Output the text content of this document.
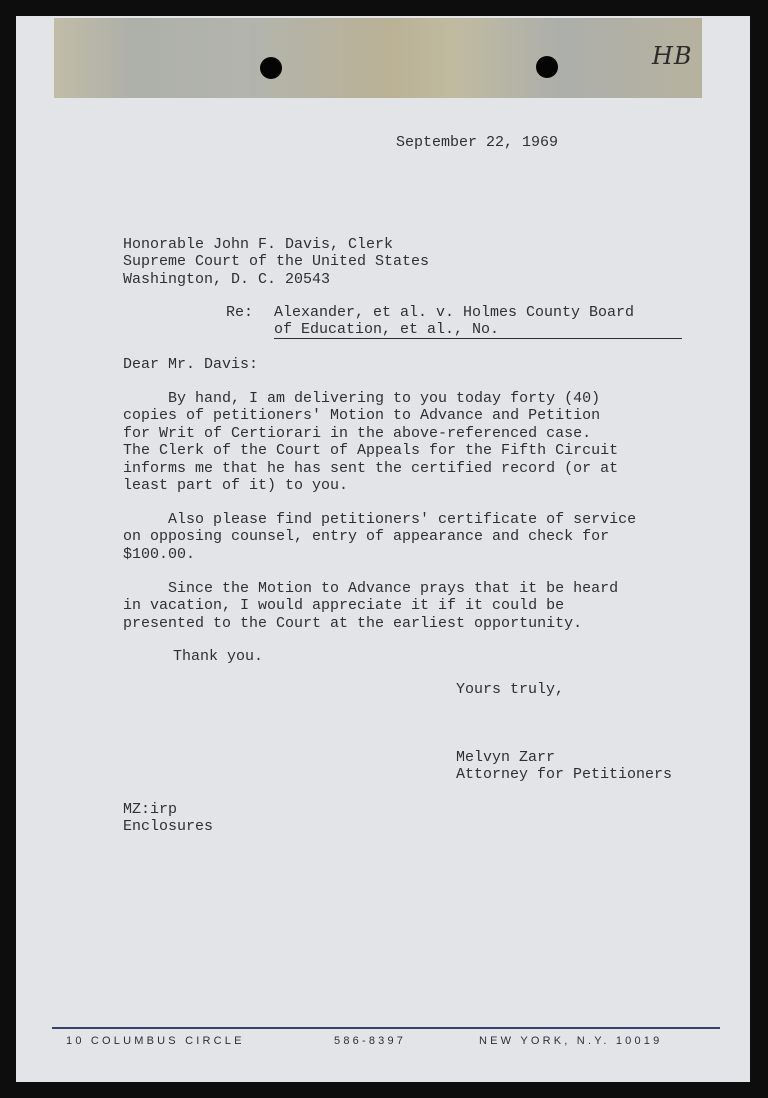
HB

September 22, 1969

Honorable John F. Davis, Clerk
Supreme Court of the United States
Washington, D. C. 20543

Re: Alexander, et al. v. Holmes County Board
of Education, et al., No.

Dear Mr. Davis:

By hand, I am delivering to you today forty (40)
copies of petitioners' Motion to Advance and Petition
for Writ of Certiorari in the above-referenced case.
The Clerk of the Court of Appeals for the Fifth Circuit
informs me that he has sent the certified record (or at
least part of it) to you.

Also please find petitioners' certificate of service
on opposing counsel, entry of appearance and check for
$100.00.

Since the Motion to Advance prays that it be heard
in vacation, I would appreciate it if it could be
presented to the Court at the earliest opportunity.

Thank you.

Yours truly,

Melvyn Zarr
Attorney for Petitioners
MZ:irp
Enclosures
10 COLUMBUS CIRCLE	586-8397	NEW YORK, N.Y. 10019
